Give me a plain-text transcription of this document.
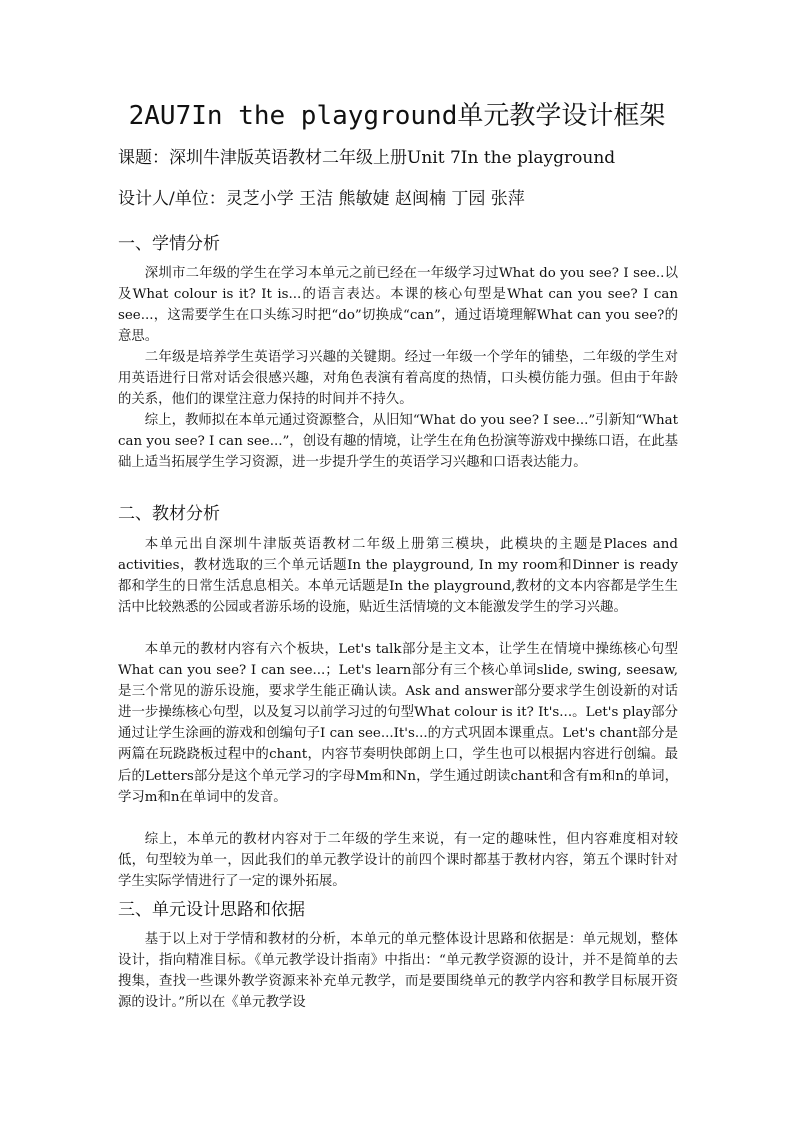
2AU7In the playground单元教学设计框架
课题：深圳牛津版英语教材二年级上册Unit 7In the playground
设计人/单位：灵芝小学 王洁 熊敏婕 赵闽楠 丁园 张萍
一、学情分析
深圳市二年级的学生在学习本单元之前已经在一年级学习过What do you see? I see..以及What colour is it? It is...的语言表达。本课的核心句型是What can you see? I can see...，这需要学生在口头练习时把“do”切换成“can”，通过语境理解What can you see?的意思。
二年级是培养学生英语学习兴趣的关键期。经过一年级一个学年的铺垫，二年级的学生对用英语进行日常对话会很感兴趣，对角色表演有着高度的热情，口头模仿能力强。但由于年龄的关系，他们的课堂注意力保持的时间并不持久。
综上，教师拟在本单元通过资源整合，从旧知“What do you see? I see...”引新知“What can you see? I can see...”，创设有趣的情境，让学生在角色扮演等游戏中操练口语，在此基础上适当拓展学生学习资源，进一步提升学生的英语学习兴趣和口语表达能力。
二、教材分析
本单元出自深圳牛津版英语教材二年级上册第三模块，此模块的主题是Places and activities，教材选取的三个单元话题In the playground, In my room和Dinner is ready都和学生的日常生活息息相关。本单元话题是In the playground,教材的文本内容都是学生生活中比较熟悉的公园或者游乐场的设施，贴近生活情境的文本能激发学生的学习兴趣。
本单元的教材内容有六个板块，Let's talk部分是主文本，让学生在情境中操练核心句型What can you see? I can see...；Let's learn部分有三个核心单词slide, swing, seesaw, 是三个常见的游乐设施，要求学生能正确认读。Ask and answer部分要求学生创设新的对话进一步操练核心句型，以及复习以前学习过的句型What colour is it? It's...。Let's play部分通过让学生涂画的游戏和创编句子I can see...It's...的方式巩固本课重点。Let's chant部分是两篇在玩跷跷板过程中的chant，内容节奏明快郎朗上口，学生也可以根据内容进行创编。最后的Letters部分是这个单元学习的字母Mm和Nn，学生通过朗读chant和含有m和n的单词，学习m和n在单词中的发音。
综上，本单元的教材内容对于二年级的学生来说，有一定的趣味性，但内容难度相对较低，句型较为单一，因此我们的单元教学设计的前四个课时都基于教材内容，第五个课时针对学生实际学情进行了一定的课外拓展。
三、单元设计思路和依据
基于以上对于学情和教材的分析，本单元的单元整体设计思路和依据是：单元规划，整体设计，指向精准目标。《单元教学设计指南》中指出：“单元教学资源的设计，并不是简单的去搜集，查找一些课外教学资源来补充单元教学，而是要围绕单元的教学内容和教学目标展开资源的设计。”所以在《单元教学设
